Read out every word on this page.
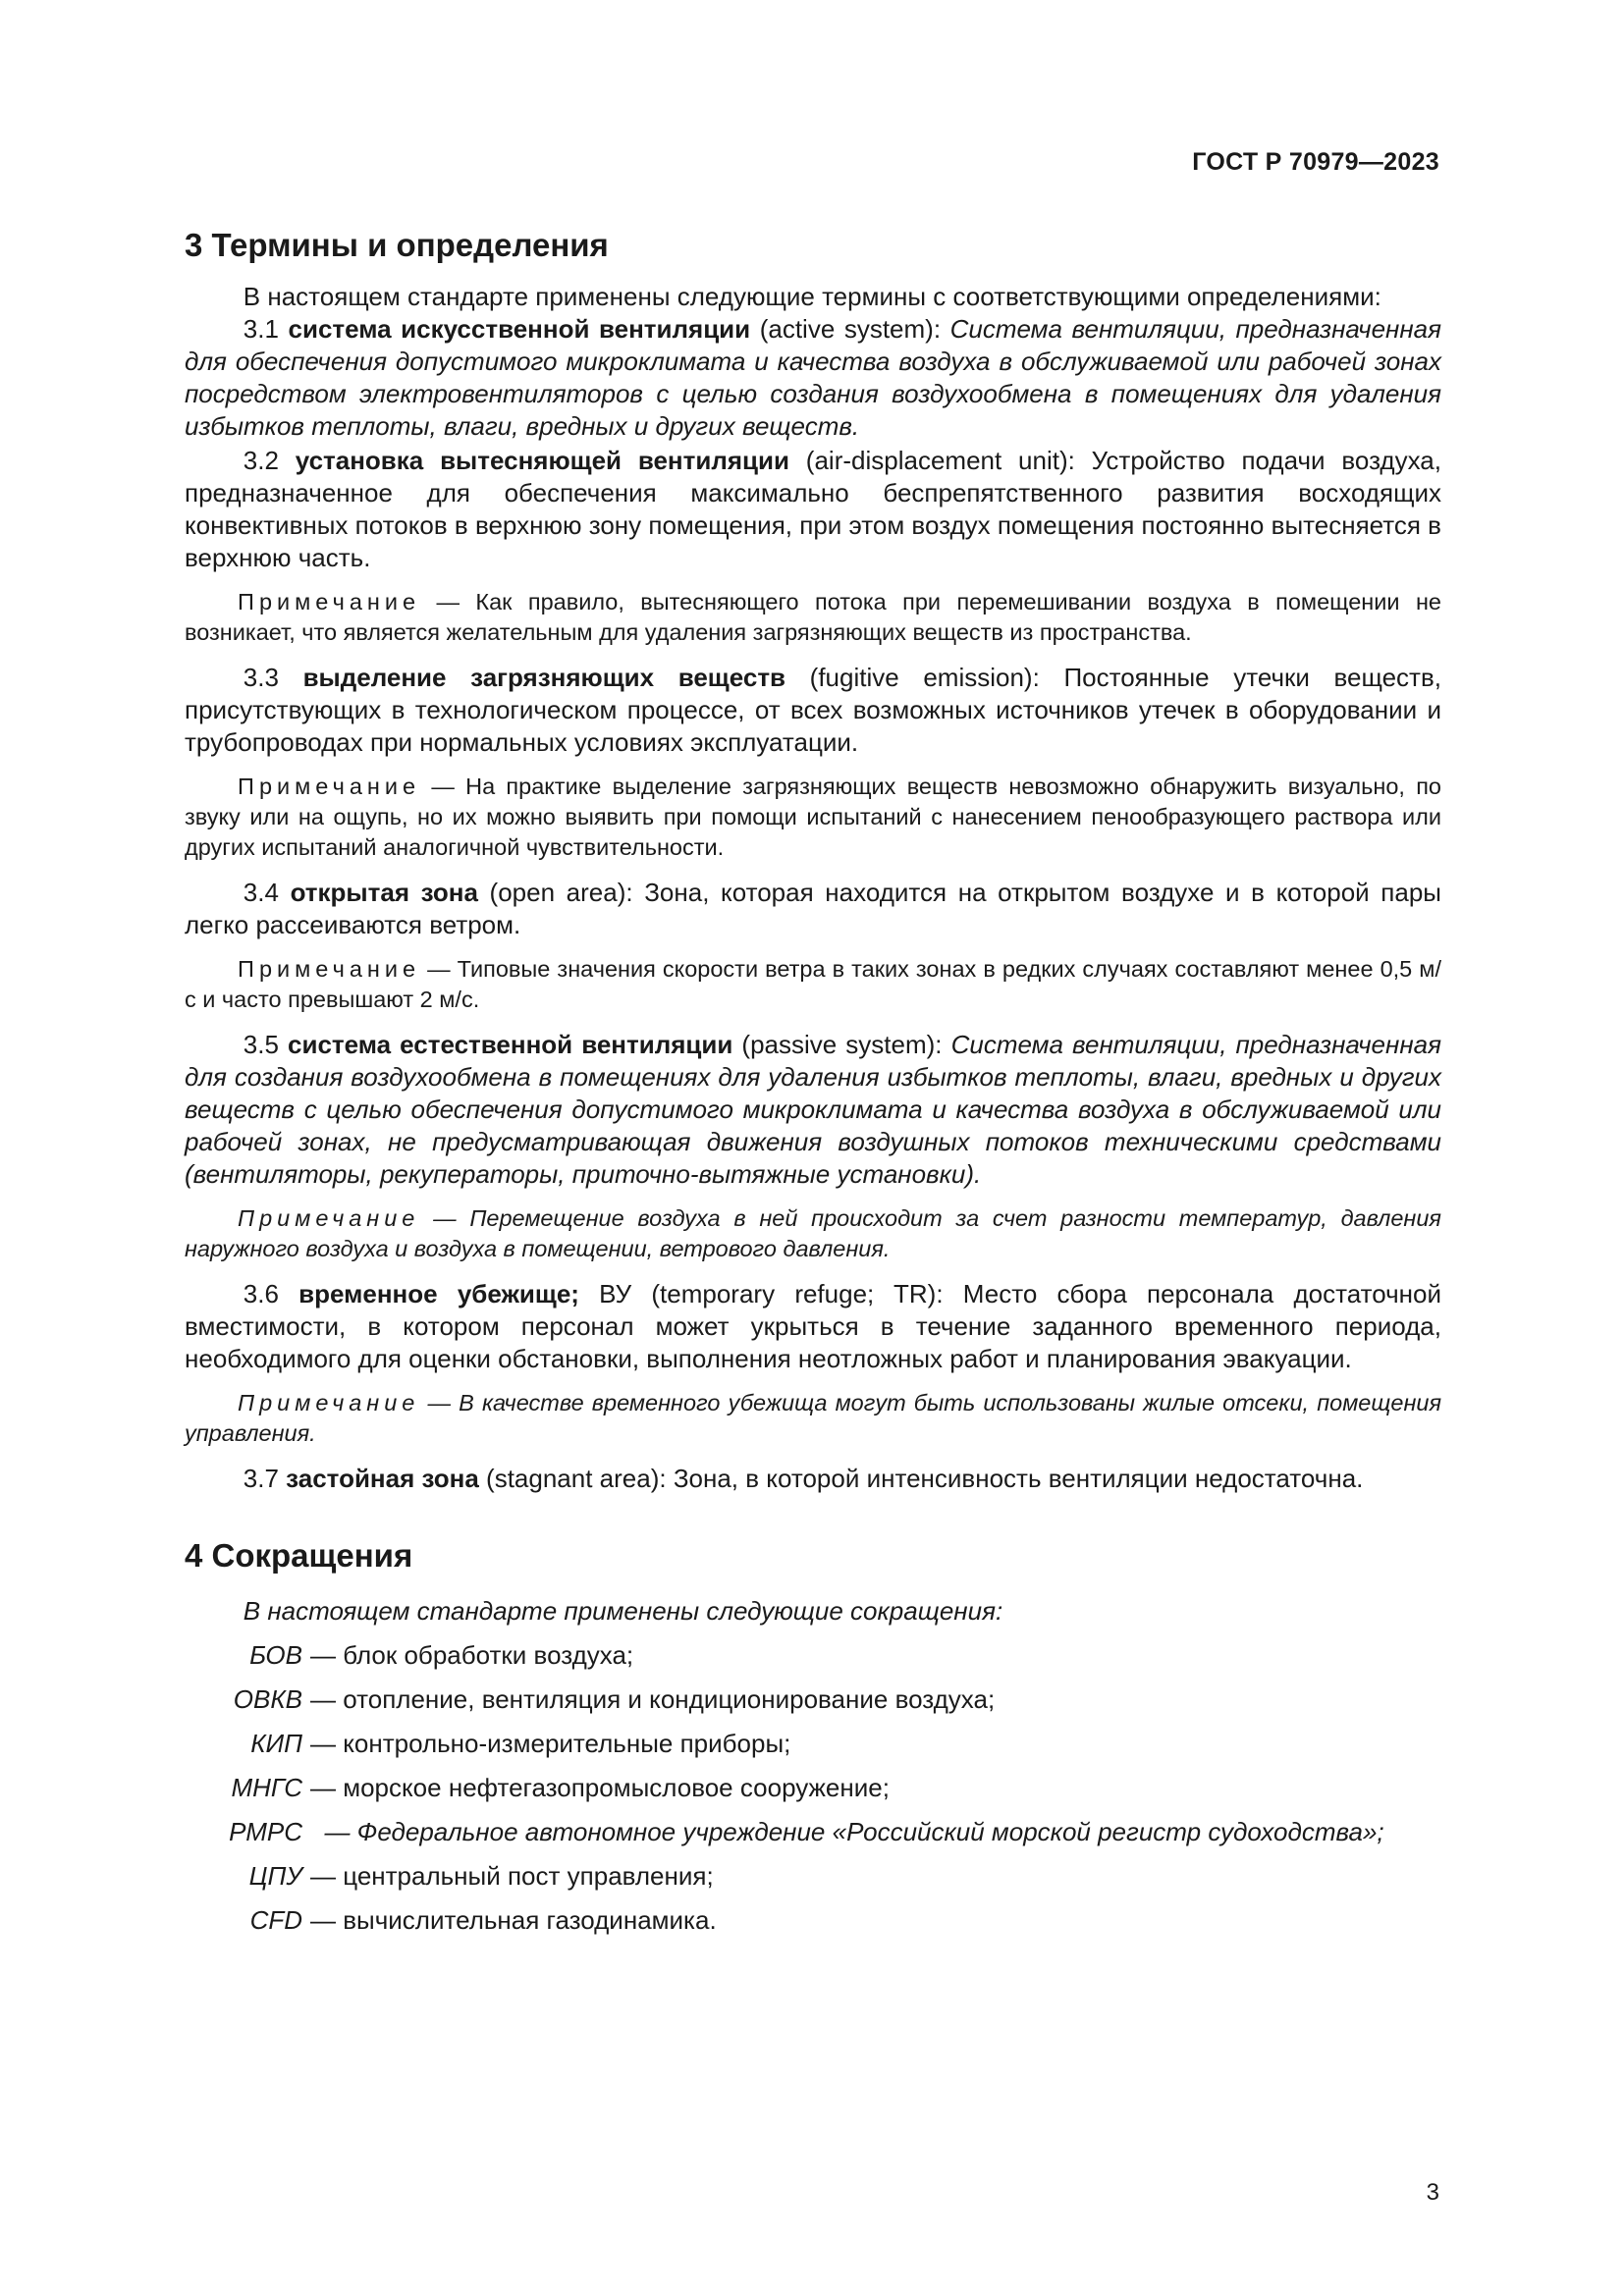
ГОСТ Р 70979—2023
3 Термины и определения

В настоящем стандарте применены следующие термины с соответствующими определениями:

3.1 система искусственной вентиляции (active system): Система вентиляции, предназначенная для обеспечения допустимого микроклимата и качества воздуха в обслуживаемой или рабочей зонах посредством электровентиляторов с целью создания воздухообмена в помещениях для удаления избытков теплоты, влаги, вредных и других веществ.

3.2 установка вытесняющей вентиляции (air-displacement unit): Устройство подачи воздуха, предназначенное для обеспечения максимально беспрепятственного развития восходящих конвективных потоков в верхнюю зону помещения, при этом воздух помещения постоянно вытесняется в верхнюю часть.

Примечание — Как правило, вытесняющего потока при перемешивании воздуха в помещении не возникает, что является желательным для удаления загрязняющих веществ из пространства.

3.3 выделение загрязняющих веществ (fugitive emission): Постоянные утечки веществ, присутствующих в технологическом процессе, от всех возможных источников утечек в оборудовании и трубопроводах при нормальных условиях эксплуатации.

Примечание — На практике выделение загрязняющих веществ невозможно обнаружить визуально, по звуку или на ощупь, но их можно выявить при помощи испытаний с нанесением пенообразующего раствора или других испытаний аналогичной чувствительности.

3.4 открытая зона (open area): Зона, которая находится на открытом воздухе и в которой пары легко рассеиваются ветром.

Примечание — Типовые значения скорости ветра в таких зонах в редких случаях составляют менее 0,5 м/с и часто превышают 2 м/с.

3.5 система естественной вентиляции (passive system): Система вентиляции, предназначенная для создания воздухообмена в помещениях для удаления избытков теплоты, влаги, вредных и других веществ с целью обеспечения допустимого микроклимата и качества воздуха в обслуживаемой или рабочей зонах, не предусматривающая движения воздушных потоков техническими средствами (вентиляторы, рекуператоры, приточно-вытяжные установки).

Примечание — Перемещение воздуха в ней происходит за счет разности температур, давления наружного воздуха и воздуха в помещении, ветрового давления.

3.6 временное убежище; ВУ (temporary refuge; TR): Место сбора персонала достаточной вместимости, в котором персонал может укрыться в течение заданного временного периода, необходимого для оценки обстановки, выполнения неотложных работ и планирования эвакуации.

Примечание — В качестве временного убежища могут быть использованы жилые отсеки, помещения управления.

3.7 застойная зона (stagnant area): Зона, в которой интенсивность вентиляции недостаточна.

4 Сокращения

В настоящем стандарте применены следующие сокращения:

БОВ — блок обработки воздуха;
ОВКВ — отопление, вентиляция и кондиционирование воздуха;
КИП — контрольно-измерительные приборы;
МНГС — морское нефтегазопромысловое сооружение;
РМРС — Федеральное автономное учреждение «Российский морской регистр судоходства»;
ЦПУ — центральный пост управления;
CFD — вычислительная газодинамика.
3
